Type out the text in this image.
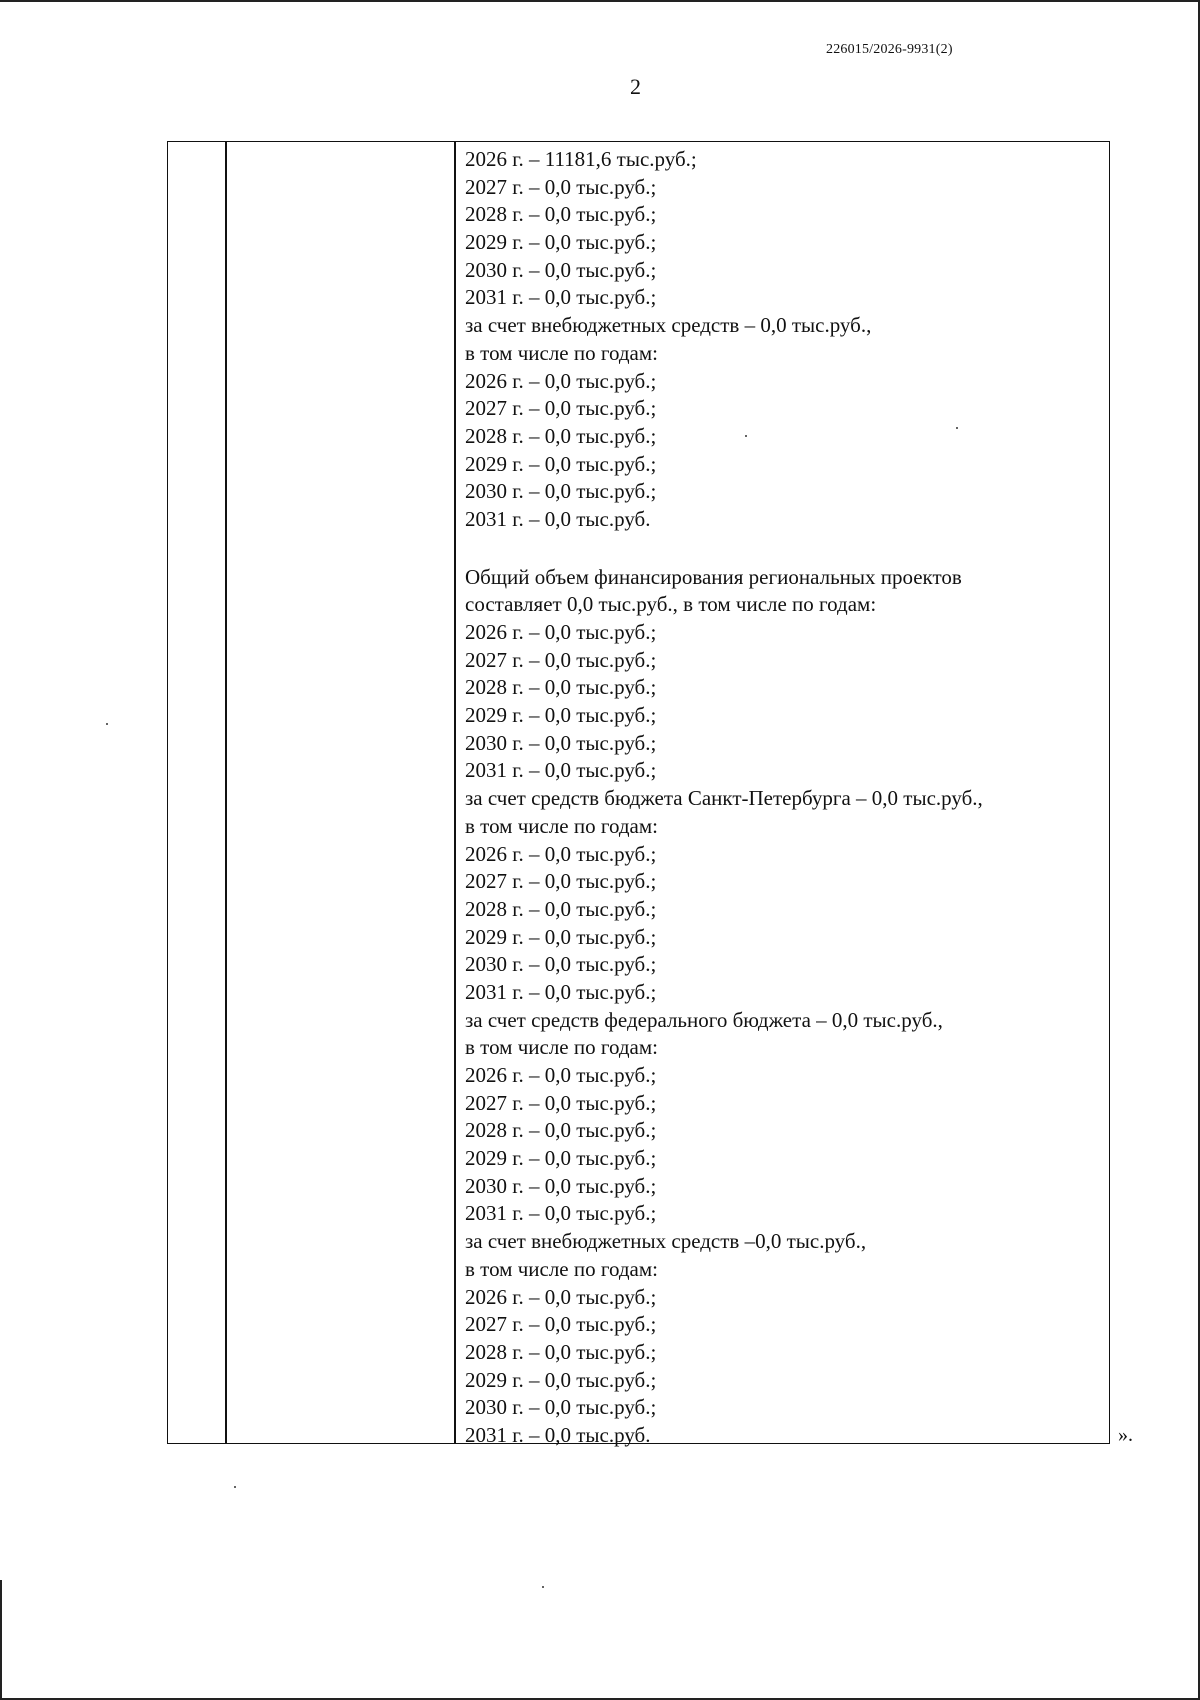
226015/2026-9931(2)
2
2026 г. – 11181,6 тыс.руб.;
2027 г. – 0,0 тыс.руб.;
2028 г. – 0,0 тыс.руб.;
2029 г. – 0,0 тыс.руб.;
2030 г. – 0,0 тыс.руб.;
2031 г. – 0,0 тыс.руб.;
за счет внебюджетных средств – 0,0 тыс.руб.,
в том числе по годам:
2026 г. – 0,0 тыс.руб.;
2027 г. – 0,0 тыс.руб.;
2028 г. – 0,0 тыс.руб.;
2029 г. – 0,0 тыс.руб.;
2030 г. – 0,0 тыс.руб.;
2031 г. – 0,0 тыс.руб.
Общий объем финансирования региональных проектов
составляет 0,0 тыс.руб., в том числе по годам:
2026 г. – 0,0 тыс.руб.;
2027 г. – 0,0 тыс.руб.;
2028 г. – 0,0 тыс.руб.;
2029 г. – 0,0 тыс.руб.;
2030 г. – 0,0 тыс.руб.;
2031 г. – 0,0 тыс.руб.;
за счет средств бюджета Санкт-Петербурга – 0,0 тыс.руб.,
в том числе по годам:
2026 г. – 0,0 тыс.руб.;
2027 г. – 0,0 тыс.руб.;
2028 г. – 0,0 тыс.руб.;
2029 г. – 0,0 тыс.руб.;
2030 г. – 0,0 тыс.руб.;
2031 г. – 0,0 тыс.руб.;
за счет средств федерального бюджета – 0,0 тыс.руб.,
в том числе по годам:
2026 г. – 0,0 тыс.руб.;
2027 г. – 0,0 тыс.руб.;
2028 г. – 0,0 тыс.руб.;
2029 г. – 0,0 тыс.руб.;
2030 г. – 0,0 тыс.руб.;
2031 г. – 0,0 тыс.руб.;
за счет внебюджетных средств –0,0 тыс.руб.,
в том числе по годам:
2026 г. – 0,0 тыс.руб.;
2027 г. – 0,0 тыс.руб.;
2028 г. – 0,0 тыс.руб.;
2029 г. – 0,0 тыс.руб.;
2030 г. – 0,0 тыс.руб.;
2031 г. – 0,0 тыс.руб.	».
